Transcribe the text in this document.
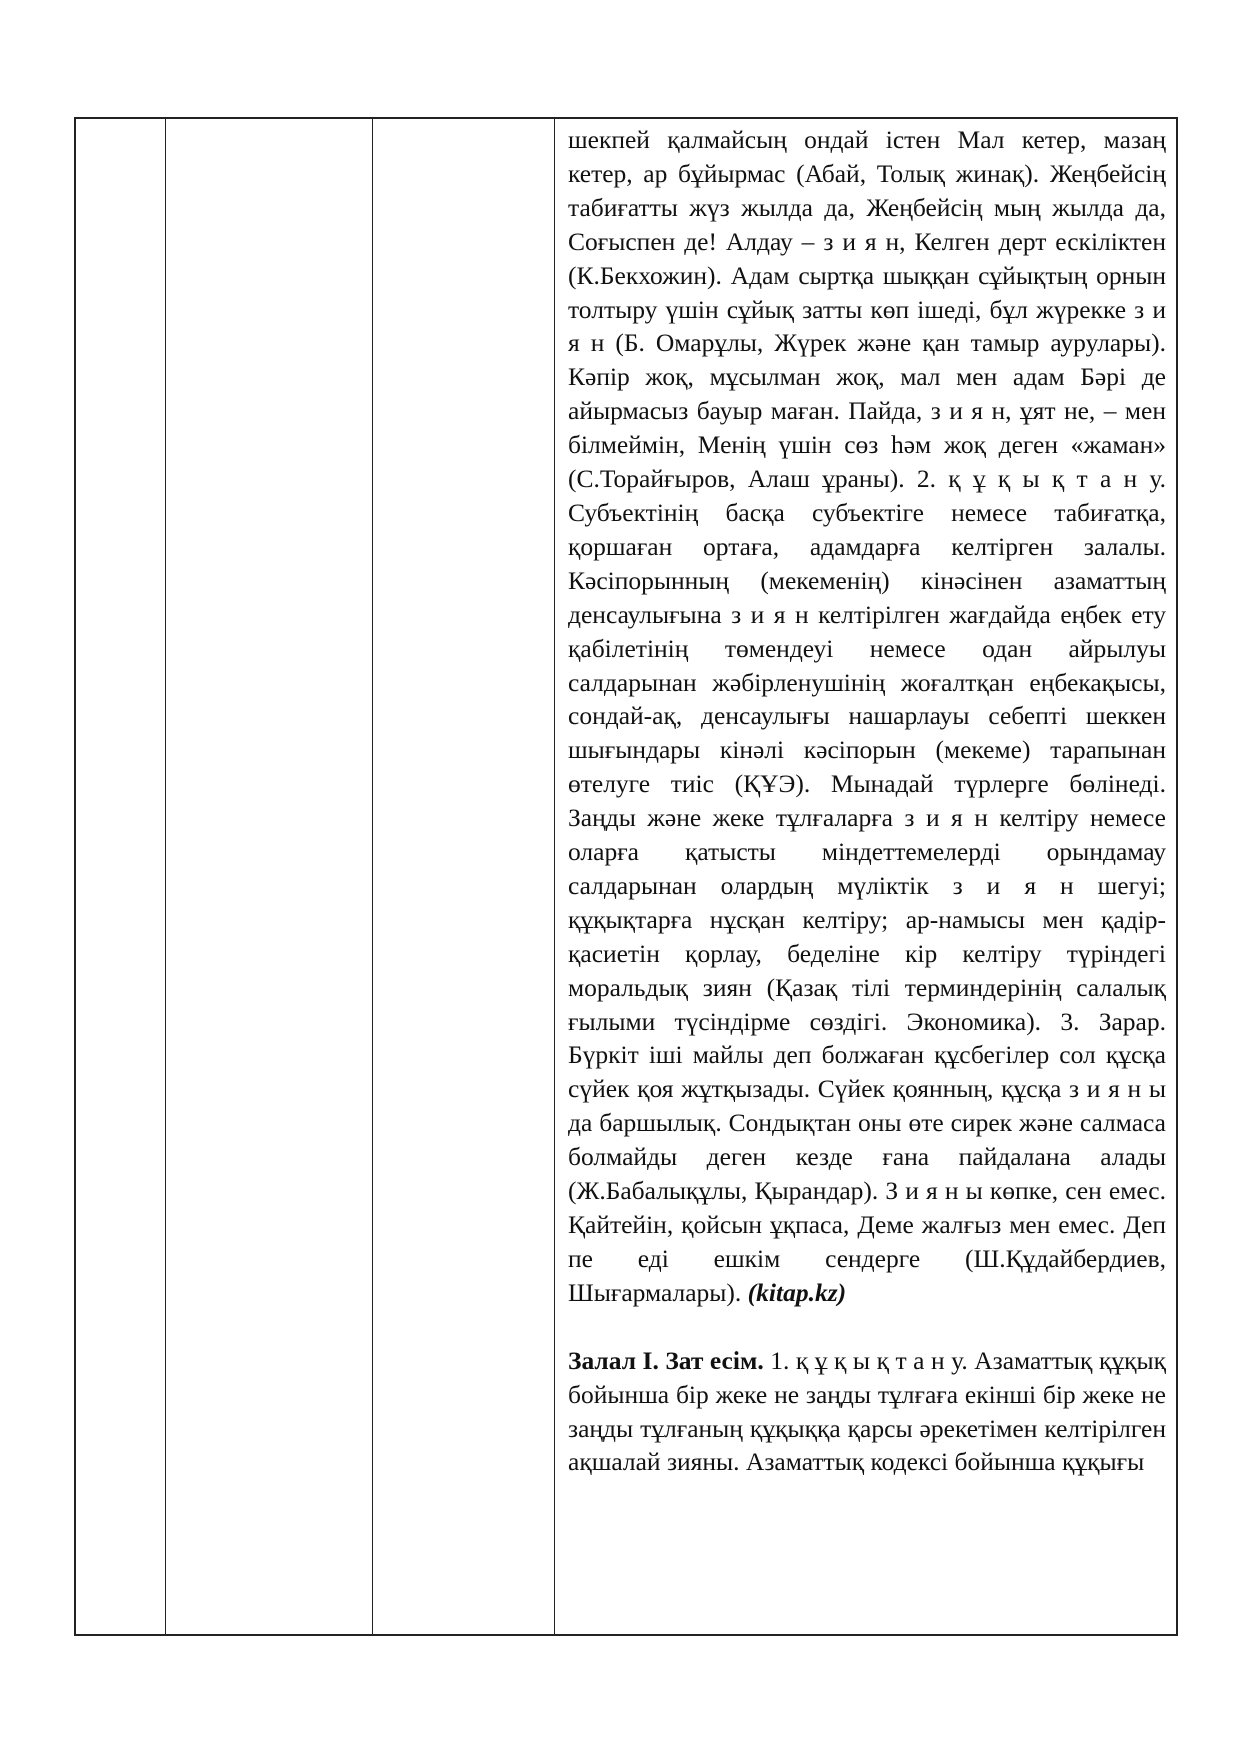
шекпей қалмайсың ондай істен Мал кетер, мазаң кетер, ар бұйырмас (Абай, Толық жинақ). Жеңбейсің табиғатты жүз жылда да, Жеңбейсің мың жылда да, Соғыспен де! Алдау – з и я н, Келген дерт ескіліктен (К.Бекхожин). Адам сыртқа шыққан сұйықтың орнын толтыру үшін сұйық затты көп ішеді, бұл жүрекке з и я н (Б. Омарұлы, Жүрек және қан тамыр аурулары). Кәпір жоқ, мұсылман жоқ, мал мен адам Бәрі де айырмасыз бауыр маған. Пайда, з и я н, ұят не, – мен білмеймін, Менің үшін сөз һәм жоқ деген «жаман» (С.Торайғыров, Алаш ұраны). 2. қ ұ қ ы қ т а н у. Субъектінің басқа субъектіге немесе табиғатқа, қоршаған ортаға, адамдарға келтірген залалы. Кәсіпорынның (мекеменің) кінәсінен азаматтың денсаулығына з и я н келтірілген жағдайда еңбек ету қабілетінің төмендеуі немесе одан айрылуы салдарынан жәбірленушінің жоғалтқан еңбекақысы, сондай-ақ, денсаулығы нашарлауы себепті шеккен шығындары кінәлі кәсіпорын (мекеме) тарапынан өтелуге тиіс (ҚҰЭ). Мынадай түрлерге бөлінеді. Заңды және жеке тұлғаларға з и я н келтіру немесе оларға қатысты міндеттемелерді орындамау салдарынан олардың мүліктік з и я н шегуі; құқықтарға нұсқан келтіру; ар-намысы мен қадір-қасиетін қорлау, беделіне кір келтіру түріндегі моральдық зиян (Қазақ тілі терминдерінің салалық ғылыми түсіндірме сөздігі. Экономика). 3. Зарар. Бүркіт іші майлы деп болжаған құсбегілер сол құсқа сүйек қоя жұтқызады. Сүйек қоянның, құсқа з и я н ы да баршылық. Сондықтан оны өте сирек және салмаса болмайды деген кезде ғана пайдалана алады (Ж.Бабалықұлы, Қырандар). З и я н ы көпке, сен емес. Қайтейін, қойсын ұқпаса, Деме жалғыз мен емес. Деп пе еді ешкім сендерге (Ш.Құдайбердиев, Шығармалары). (kitap.kz)

Залал І. Зат есім. 1. қ ұ қ ы қ т а н у. Азаматтық құқық бойынша бір жеке не заңды тұлғаға екінші бір жеке не заңды тұлғаның құқыққа қарсы әрекетімен келтірілген ақшалай зияны. Азаматтық кодексі бойынша құқығы
